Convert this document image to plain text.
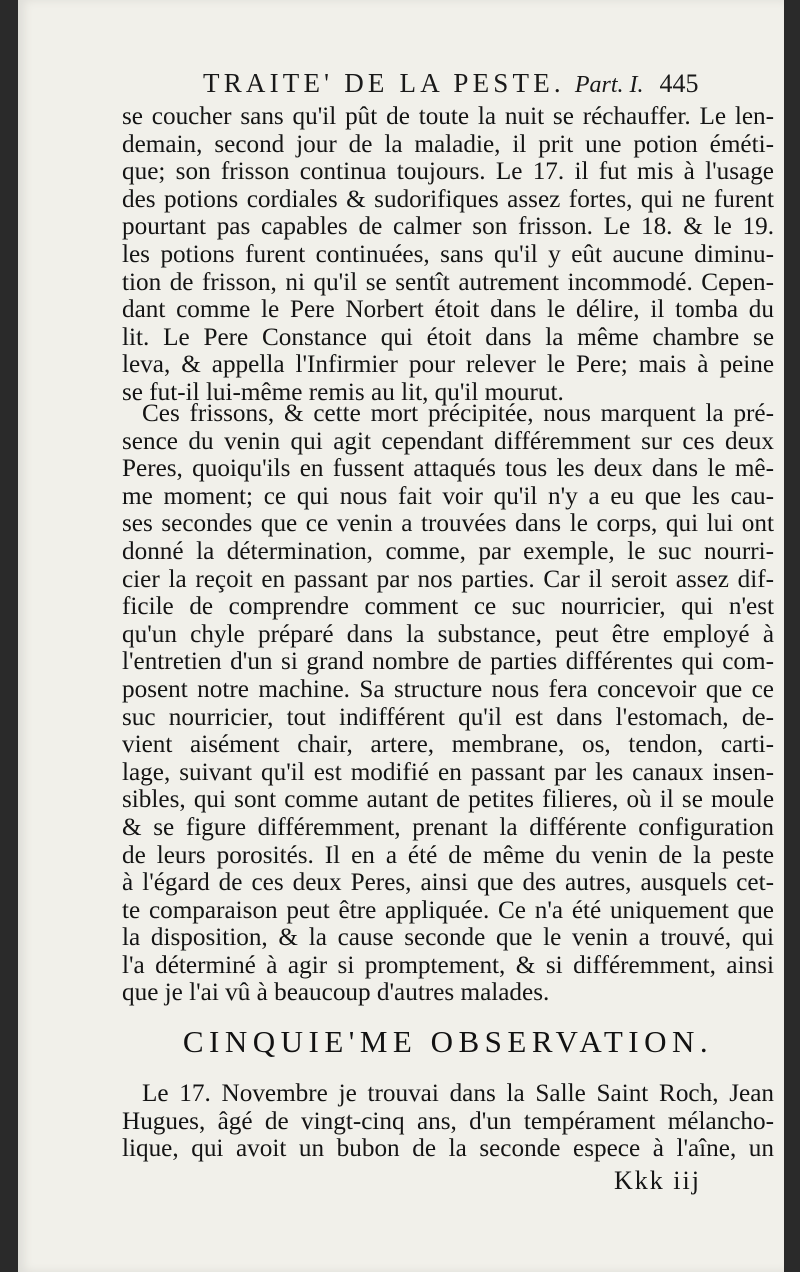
TRAITE' DE LA PESTE. Part. I. 445
se coucher sans qu'il pût de toute la nuit se réchauffer. Le len-
demain, second jour de la maladie, il prit une potion éméti-
que; son frisson continua toujours. Le 17. il fut mis à l'usage
des potions cordiales & sudorifiques assez fortes, qui ne furent
pourtant pas capables de calmer son frisson. Le 18. & le 19.
les potions furent continuées, sans qu'il y eût aucune diminu-
tion de frisson, ni qu'il se sentît autrement incommodé. Cepen-
dant comme le Pere Norbert étoit dans le délire, il tomba du
lit. Le Pere Constance qui étoit dans la même chambre se
leva, & appella l'Infirmier pour relever le Pere; mais à peine
se fut-il lui-même remis au lit, qu'il mourut.
Ces frissons, & cette mort précipitée, nous marquent la pré-
sence du venin qui agit cependant différemment sur ces deux
Peres, quoiqu'ils en fussent attaqués tous les deux dans le mê-
me moment; ce qui nous fait voir qu'il n'y a eu que les cau-
ses secondes que ce venin a trouvées dans le corps, qui lui ont
donné la détermination, comme, par exemple, le suc nourri-
cier la reçoit en passant par nos parties. Car il seroit assez dif-
ficile de comprendre comment ce suc nourricier, qui n'est
qu'un chyle préparé dans la substance, peut être employé à
l'entretien d'un si grand nombre de parties différentes qui com-
posent notre machine. Sa structure nous fera concevoir que ce
suc nourricier, tout indifférent qu'il est dans l'estomach, de-
vient aisément chair, artere, membrane, os, tendon, carti-
lage, suivant qu'il est modifié en passant par les canaux insen-
sibles, qui sont comme autant de petites filieres, où il se moule
& se figure différemment, prenant la différente configuration
de leurs porosités. Il en a été de même du venin de la peste
à l'égard de ces deux Peres, ainsi que des autres, ausquels cet-
te comparaison peut être appliquée. Ce n'a été uniquement que
la disposition, & la cause seconde que le venin a trouvé, qui
l'a déterminé à agir si promptement, & si différemment, ainsi
que je l'ai vû à beaucoup d'autres malades.
CINQUIE'ME OBSERVATION.
Le 17. Novembre je trouvai dans la Salle Saint Roch, Jean
Hugues, âgé de vingt-cinq ans, d'un tempérament mélancho-
lique, qui avoit un bubon de la seconde espece à l'aîne, un
Kkk iij
